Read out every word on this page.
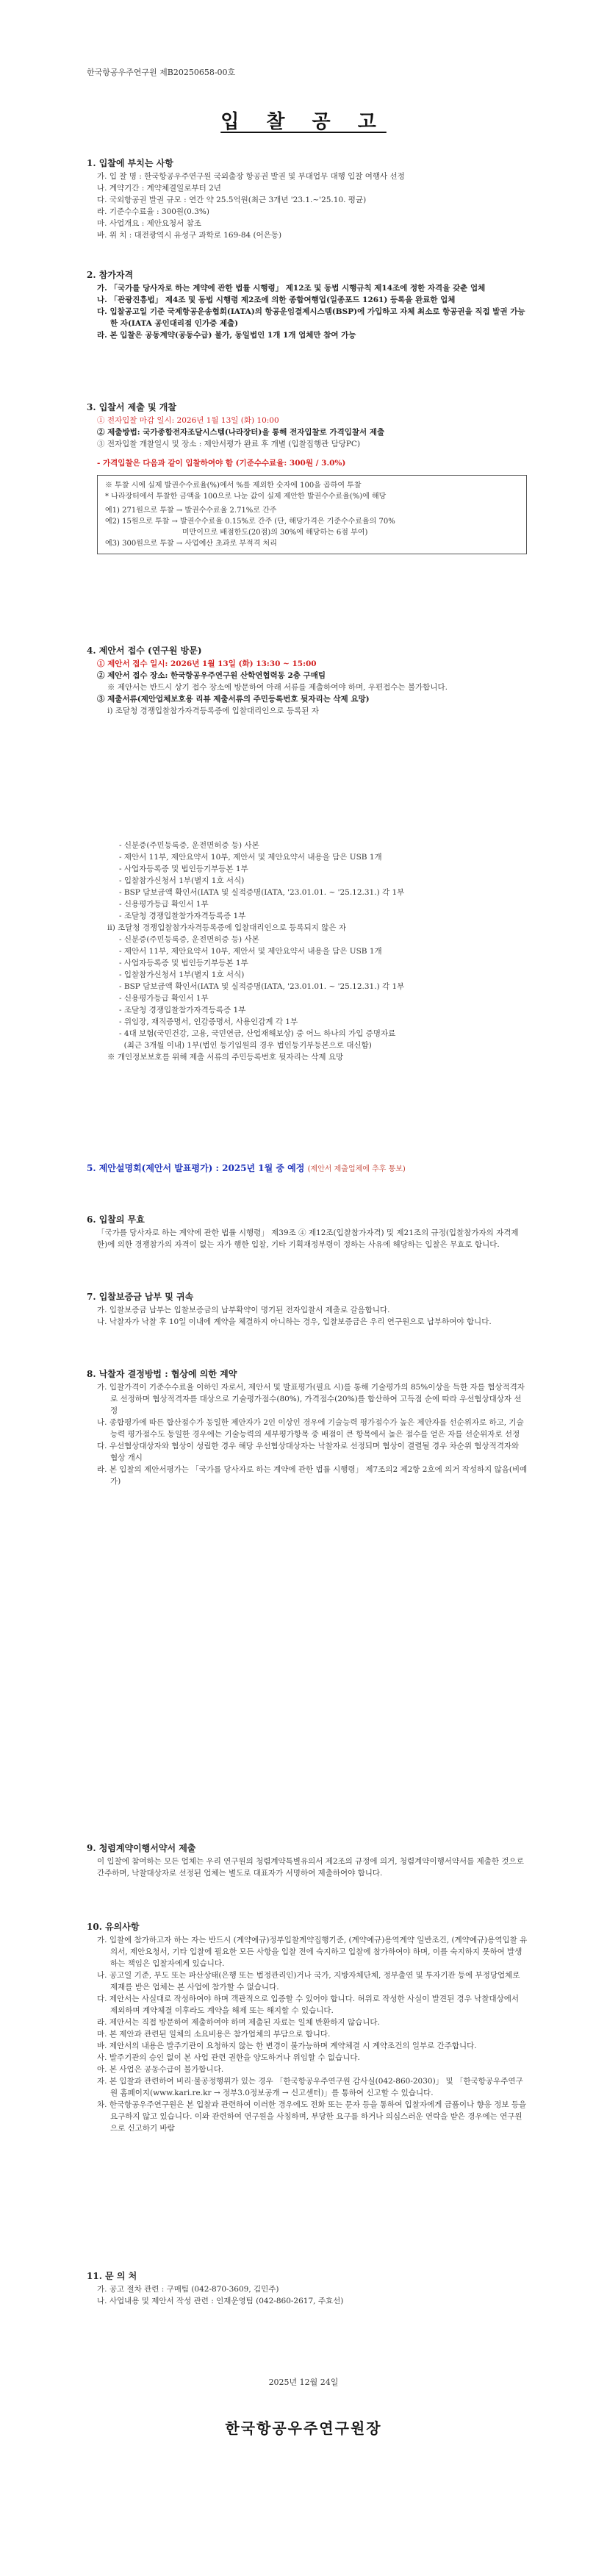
한국항공우주연구원 제B20250658-00호
입 찰 공 고
1. 입찰에 부치는 사항
가. 입 찰 명 : 한국항공우주연구원 국외출장 항공권 발권 및 부대업무 대행 입찰 여행사 선정
나. 계약기간 : 계약체결일로부터 2년
다. 국외항공권 발권 규모 : 연간 약 25.5억원(최근 3개년 '23.1.~'25.10. 평균)
라. 기준수수료율 : 300원(0.3%)
마. 사업개요 : 제안요청서 참조
바. 위 치 : 대전광역시 유성구 과학로 169-84 (어은동)
2. 참가자격
가. 「국가를 당사자로 하는 계약에 관한 법률 시행령」 제12조 및 동법 시행규칙 제14조에 정한 자격을 갖춘 업체
나. 「관광진흥법」 제4조 및 동법 시행령 제2조에 의한 종합여행업(일종포드 1261) 등록을 완료한 업체
다. 입찰공고일 기준 국제항공운송협회(IATA)의 항공운임결제시스템(BSP)에 가입하고 자체 최소로 항공권을 직접 발권 가능한 자(IATA 공인대리점 인가증 제출)
라. 본 입찰은 공동계약(공동수급) 불가, 동일법인 1개 1개 업체만 참여 가능
3. 입찰서 제출 및 개찰
① 전자입찰 마감 일시: 2026년 1월 13일 (화) 10:00
② 제출방법: 국가종합전자조달시스템(나라장터)을 통해 전자입찰로 가격입찰서 제출
③ 전자입찰 개찰일시 및 장소 : 제안서평가 완료 후 개별 (입찰집행관 담당PC)
- 가격입찰은 다음과 같이 입찰하여야 함 (기준수수료율: 300원 / 3.0%)
※ 투찰 시에 실제 발권수수료율(%)에서 %를 제외한 숫자에 100을 곱하여 투찰
* 나라장터에서 투찰한 금액을 100으로 나눈 값이 실제 제안한 발권수수료율(%)에 해당
예1) 271원으로 투찰 → 발권수수료율 2.71%로 간주
예2) 15원으로 투찰 → 발권수수료율 0.15%로 간주 (단, 해당가격은 기준수수료율의 70%
미만이므로 배점한도(20점)의 30%에 해당하는 6점 부여)
예3) 300원으로 투찰 → 사업예산 초과로 부적격 처리
4. 제안서 접수 (연구원 방문)
① 제안서 접수 일시: 2026년 1월 13일 (화) 13:30 ~ 15:00
② 제안서 접수 장소: 한국항공우주연구원 산학연협력동 2층 구매팀
※ 제안서는 반드시 상기 접수 장소에 방문하여 아래 서류를 제출하여야 하며, 우편접수는 불가합니다.
③ 제출서류(제안업체보호용 리뷰 제출서류의 주민등록번호 뒷자리는 삭제 요망)
ⅰ) 조달청 경쟁입찰참가자격등록증에 입찰대리인으로 등록된 자
- 신분증(주민등록증, 운전면허증 등) 사본
- 제안서 11부, 제안요약서 10부, 제안서 및 제안요약서 내용을 담은 USB 1개
- 사업자등록증 및 법인등기부등본 1부
- 입찰참가신청서 1부(별지 1호 서식)
- BSP 담보금액 확인서(IATA 및 실적증명(IATA, '23.01.01. ~ '25.12.31.) 각 1부
- 신용평가등급 확인서 1부
- 조달청 경쟁입찰참가자격등록증 1부
ⅱ) 조달청 경쟁입찰참가자격등록증에 입찰대리인으로 등록되지 않은 자
- 신분증(주민등록증, 운전면허증 등) 사본
- 제안서 11부, 제안요약서 10부, 제안서 및 제안요약서 내용을 담은 USB 1개
- 사업자등록증 및 법인등기부등본 1부
- 입찰참가신청서 1부(별지 1호 서식)
- BSP 담보금액 확인서(IATA 및 실적증명(IATA, '23.01.01. ~ '25.12.31.) 각 1부
- 신용평가등급 확인서 1부
- 조달청 경쟁입찰참가자격등록증 1부
- 위임장, 재직증명서, 인감증명서, 사용인감계 각 1부
- 4대 보험(국민건강, 고용, 국민연금, 산업재해보상) 중 어느 하나의 가입 증명자료
(최근 3개월 이내) 1부(법인 등기임원의 경우 법인등기부등본으로 대신함)
※ 개인정보보호를 위해 제출 서류의 주민등록번호 뒷자리는 삭제 요망
5. 제안설명회(제안서 발표평가) : 2025년 1월 중 예정 (제안서 제출업체에 추후 통보)
6. 입찰의 무효
「국가를 당사자로 하는 계약에 관한 법률 시행령」 제39조 ④ 제12조(입찰참가자격) 및 제21조의 규정(입찰참가자의 자격제한)에 의한 경쟁참가의 자격이 없는 자가 행한 입찰, 기타 기획재정부령이 정하는 사유에 해당하는 입찰은 무효로 합니다.
7. 입찰보증금 납부 및 귀속
가. 입찰보증금 납부는 입찰보증금의 납부확약이 명기된 전자입찰서 제출로 갈음합니다.
나. 낙찰자가 낙찰 후 10일 이내에 계약을 체결하지 아니하는 경우, 입찰보증금은 우리 연구원으로 납부하여야 합니다.
8. 낙찰자 결정방법 : 협상에 의한 계약
가. 입찰가격이 기준수수료율 이하인 자로서, 제안서 및 발표평가(필요 시)를 통해 기술평가의 85%이상을 득한 자를 협상적격자로 선정하며 협상적격자를 대상으로 기술평가점수(80%), 가격점수(20%)를 합산하여 고득점 순에 따라 우선협상대상자 선정
나. 종합평가에 따른 합산점수가 동일한 제안자가 2인 이상인 경우에 기술능력 평가점수가 높은 제안자를 선순위자로 하고, 기술능력 평가점수도 동일한 경우에는 기술능력의 세부평가항목 중 배점이 큰 항목에서 높은 점수를 얻은 자를 선순위자로 선정
다. 우선협상대상자와 협상이 성립한 경우 해당 우선협상대상자는 낙찰자로 선정되며 협상이 결렬될 경우 차순위 협상적격자와 협상 개시
라. 본 입찰의 제안서평가는 「국가를 당사자로 하는 계약에 관한 법률 시행령」 제7조의2 제2항 2호에 의거 작성하지 않음(비예가)
9. 청렴계약이행서약서 제출
이 입찰에 참여하는 모든 업체는 우리 연구원의 청렴계약특별유의서 제2조의 규정에 의거, 청렴계약이행서약서를 제출한 것으로 간주하며, 낙찰대상자로 선정된 업체는 별도로 대표자가 서명하여 제출하여야 합니다.
10. 유의사항
가. 입찰에 참가하고자 하는 자는 반드시 (계약예규)정부입찰계약집행기준, (계약예규)용역계약 일반조건, (계약예규)용역입찰 유의서, 제안요청서, 기타 입찰에 필요한 모든 사항을 입찰 전에 숙지하고 입찰에 참가하여야 하며, 이를 숙지하지 못하여 발생하는 책임은 입찰자에게 있습니다.
나. 공고일 기준, 부도 또는 파산상태(은행 또는 법정관리인)거나 국가, 지방자체단체, 정부출연 및 투자기관 등에 부정당업체로 제재를 받은 업체는 본 사업에 참가할 수 없습니다.
다. 제안서는 사실대로 작성하여야 하며 객관적으로 입증할 수 있어야 합니다. 허위로 작성한 사실이 발견된 경우 낙찰대상에서 제외하며 계약체결 이후라도 계약을 해제 또는 해지할 수 있습니다.
라. 제안서는 직접 방문하여 제출하여야 하며 제출된 자료는 일체 반환하지 않습니다.
마. 본 제안과 관련된 일체의 소요비용은 참가업체의 부담으로 합니다.
바. 제안서의 내용은 발주기관이 요청하지 않는 한 변경이 불가능하며 계약체결 시 계약조건의 일부로 간주합니다.
사. 발주기관의 승인 없이 본 사업 관련 권한을 양도하거나 위임할 수 없습니다.
아. 본 사업은 공동수급이 불가합니다.
자. 본 입찰과 관련하여 비리·불공정행위가 있는 경우 「한국항공우주연구원 감사실(042-860-2030)」 및 「한국항공우주연구원 홈페이지(www.kari.re.kr → 정부3.0정보공개 → 신고센터)」를 통하여 신고할 수 있습니다.
차. 한국항공우주연구원은 본 입찰과 관련하여 이러한 경우에도 전화 또는 문자 등을 통하여 입찰자에게 금품이나 향응 정보 등을 요구하지 않고 있습니다. 이와 관련하여 연구원을 사칭하며, 부당한 요구를 하거나 의심스러운 연락을 받은 경우에는 연구원으로 신고하기 바람
11. 문 의 처
가. 공고 절차 관련 : 구매팀 (042-870-3609, 김민주)
나. 사업내용 및 제안서 작성 관련 : 인재운영팀 (042-860-2617, 주효선)
2025년 12월 24일
한국항공우주연구원장
